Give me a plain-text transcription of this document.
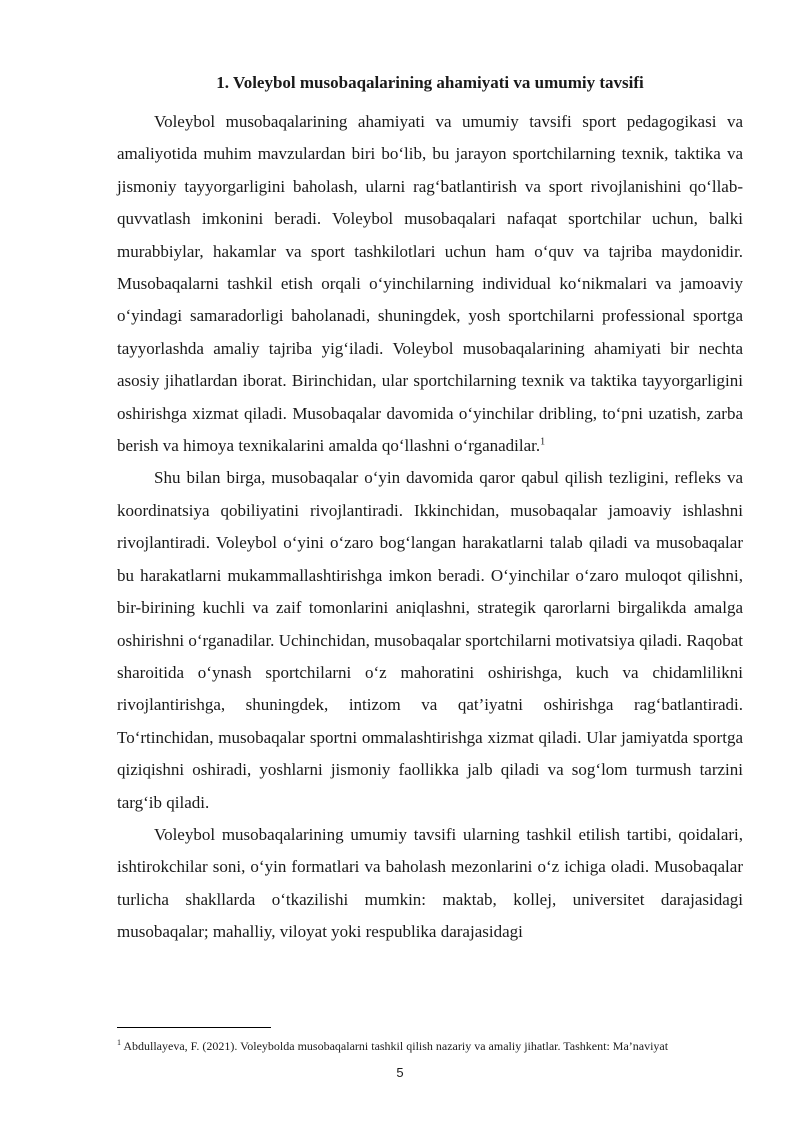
1. Voleybol musobaqalarining ahamiyati va umumiy tavsifi

Voleybol musobaqalarining ahamiyati va umumiy tavsifi sport pedagogikasi va amaliyotida muhim mavzulardan biri bo‘lib, bu jarayon sportchilarning texnik, taktika va jismoniy tayyorgarligini baholash, ularni rag‘batlantirish va sport rivojlanishini qo‘llab-quvvatlash imkonini beradi. Voleybol musobaqalari nafaqat sportchilar uchun, balki murabbiylar, hakamlar va sport tashkilotlari uchun ham o‘quv va tajriba maydonidir. Musobaqalarni tashkil etish orqali o‘yinchilarning individual ko‘nikmalari va jamoaviy o‘yindagi samaradorligi baholanadi, shuningdek, yosh sportchilarni professional sportga tayyorlashda amaliy tajriba yig‘iladi. Voleybol musobaqalarining ahamiyati bir nechta asosiy jihatlardan iborat. Birinchidan, ular sportchilarning texnik va taktika tayyorgarligini oshirishga xizmat qiladi. Musobaqalar davomida o‘yinchilar dribling, to‘pni uzatish, zarba berish va himoya texnikalarini amalda qo‘llashni o‘rganadilar.$^1$

Shu bilan birga, musobaqalar o‘yin davomida qaror qabul qilish tezligini, refleks va koordinatsiya qobiliyatini rivojlantiradi. Ikkinchidan, musobaqalar jamoaviy ishlashni rivojlantiradi. Voleybol o‘yini o‘zaro bog‘langan harakatlarni talab qiladi va musobaqalar bu harakatlarni mukammallashtirishga imkon beradi. O‘yinchilar o‘zaro muloqot qilishni, bir-birining kuchli va zaif tomonlarini aniqlashni, strategik qarorlarni birgalikda amalga oshirishni o‘rganadilar. Uchinchidan, musobaqalar sportchilarni motivatsiya qiladi. Raqobat sharoitida o‘ynash sportchilarni o‘z mahoratini oshirishga, kuch va chidamlilikni rivojlantirishga, shuningdek, intizom va qat’iyatni oshirishga rag‘batlantiradi. To‘rtinchidan, musobaqalar sportni ommalashtirishga xizmat qiladi. Ular jamiyatda sportga qiziqishni oshiradi, yoshlarni jismoniy faollikka jalb qiladi va sog‘lom turmush tarzini targ‘ib qiladi.

Voleybol musobaqalarining umumiy tavsifi ularning tashkil etilish tartibi, qoidalari, ishtirokchilar soni, o‘yin formatlari va baholash mezonlarini o‘z ichiga oladi. Musobaqalar turlicha shakllarda o‘tkazilishi mumkin: maktab, kollej, universitet darajasidagi musobaqalar; mahalliy, viloyat yoki respublika darajasidagi

$^1$ Abdullayeva, F. (2021). Voleybolda musobaqalarni tashkil qilish nazariy va amaliy jihatlar. Tashkent: Ma’naviyat

5
